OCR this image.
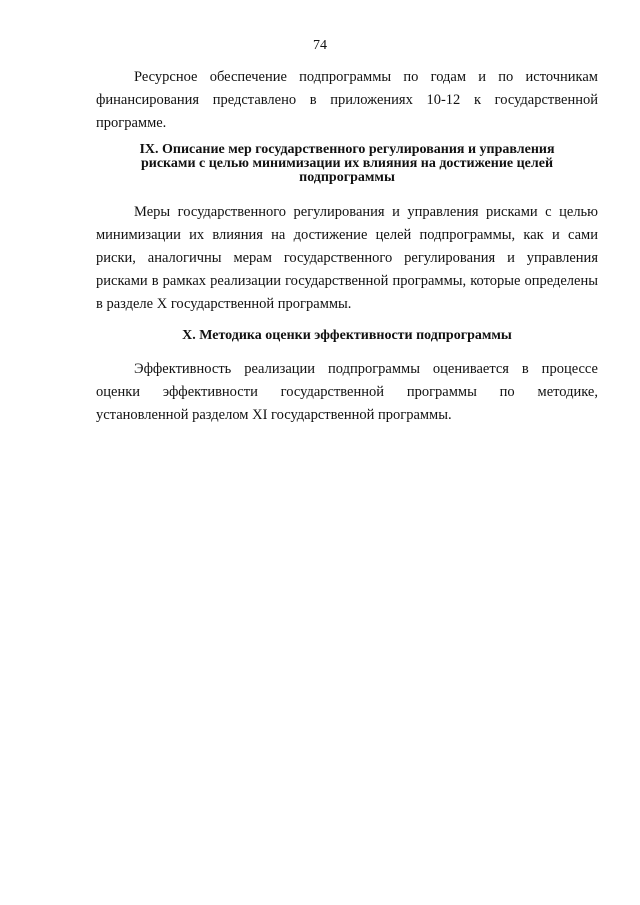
74

Ресурсное обеспечение подпрограммы по годам и по источникам финансирования представлено в приложениях 10-12 к государственной программе.

IX. Описание мер государственного регулирования и управления
рисками с целью минимизации их влияния на достижение целей
подпрограммы

Меры государственного регулирования и управления рисками с целью минимизации их влияния на достижение целей подпрограммы, как и сами риски, аналогичны мерам государственного регулирования и управления рисками в рамках реализации государственной программы, которые определены в разделе X государственной программы.

X. Методика оценки эффективности подпрограммы

Эффективность реализации подпрограммы оценивается в процессе оценки эффективности государственной программы по методике, установленной разделом XI государственной программы.
